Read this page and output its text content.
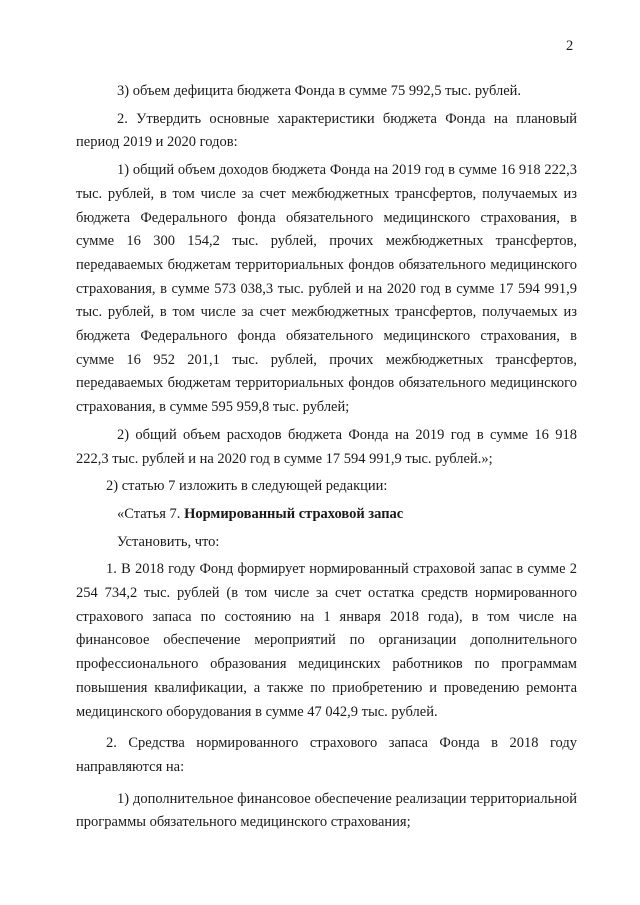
2

3) объем дефицита бюджета Фонда в сумме 75 992,5 тыс. рублей.

2. Утвердить основные характеристики бюджета Фонда на плановый период 2019 и 2020 годов:

1) общий объем доходов бюджета Фонда на 2019 год в сумме 16 918 222,3 тыс. рублей, в том числе за счет межбюджетных трансфертов, получаемых из бюджета Федерального фонда обязательного медицинского страхования, в сумме 16 300 154,2 тыс. рублей, прочих межбюджетных трансфертов, передаваемых бюджетам территориальных фондов обязательного медицинского страхования, в сумме 573 038,3 тыс. рублей и на 2020 год в сумме 17 594 991,9 тыс. рублей, в том числе за счет межбюджетных трансфертов, получаемых из бюджета Федерального фонда обязательного медицинского страхования, в сумме 16 952 201,1 тыс. рублей, прочих межбюджетных трансфертов, передаваемых бюджетам территориальных фондов обязательного медицинского страхования, в сумме 595 959,8 тыс. рублей;

2) общий объем расходов бюджета Фонда на 2019 год в сумме 16 918 222,3 тыс. рублей и на 2020 год в сумме 17 594 991,9 тыс. рублей.»;

2) статью 7 изложить в следующей редакции:

«Статья 7. Нормированный страховой запас

Установить, что:

1. В 2018 году Фонд формирует нормированный страховой запас в сумме 2 254 734,2 тыс. рублей (в том числе за счет остатка средств нормированного страхового запаса по состоянию на 1 января 2018 года), в том числе на финансовое обеспечение мероприятий по организации дополнительного профессионального образования медицинских работников по программам повышения квалификации, а также по приобретению и проведению ремонта медицинского оборудования в сумме 47 042,9 тыс. рублей.

2. Средства нормированного страхового запаса Фонда в 2018 году направляются на:

1) дополнительное финансовое обеспечение реализации территориальной программы обязательного медицинского страхования;
